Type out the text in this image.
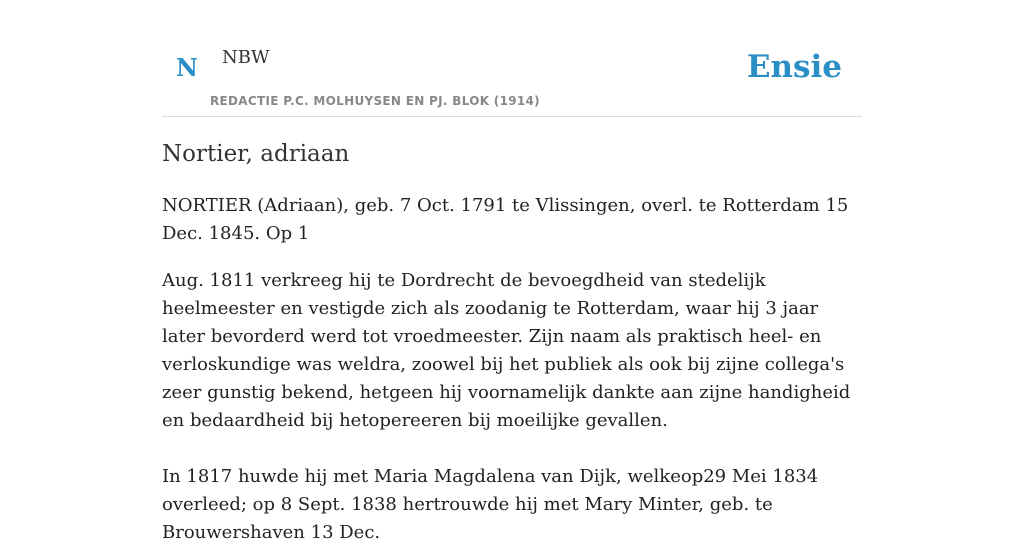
N NBW
REDACTIE P.C. MOLHUYSEN EN PJ. BLOK (1914)
Ensie
Nortier, adriaan

NORTIER (Adriaan), geb. 7 Oct. 1791 te Vlissingen, overl. te Rotterdam 15 Dec. 1845. Op 1

Aug. 1811 verkreeg hij te Dordrecht de bevoegdheid van stedelijk heelmeester en vestigde zich als zoodanig te Rotterdam, waar hij 3 jaar later bevorderd werd tot vroedmeester. Zijn naam als praktisch heel- en verloskundige was weldra, zoowel bij het publiek als ook bij zijne collega's zeer gunstig bekend, hetgeen hij voornamelijk dankte aan zijne handigheid en bedaardheid bij hetopereeren bij moeilijke gevallen.

In 1817 huwde hij met Maria Magdalena van Dijk, welkeop29 Mei 1834 overleed; op 8 Sept. 1838 hertrouwde hij met Mary Minter, geb. te Brouwershaven 13 Dec.
